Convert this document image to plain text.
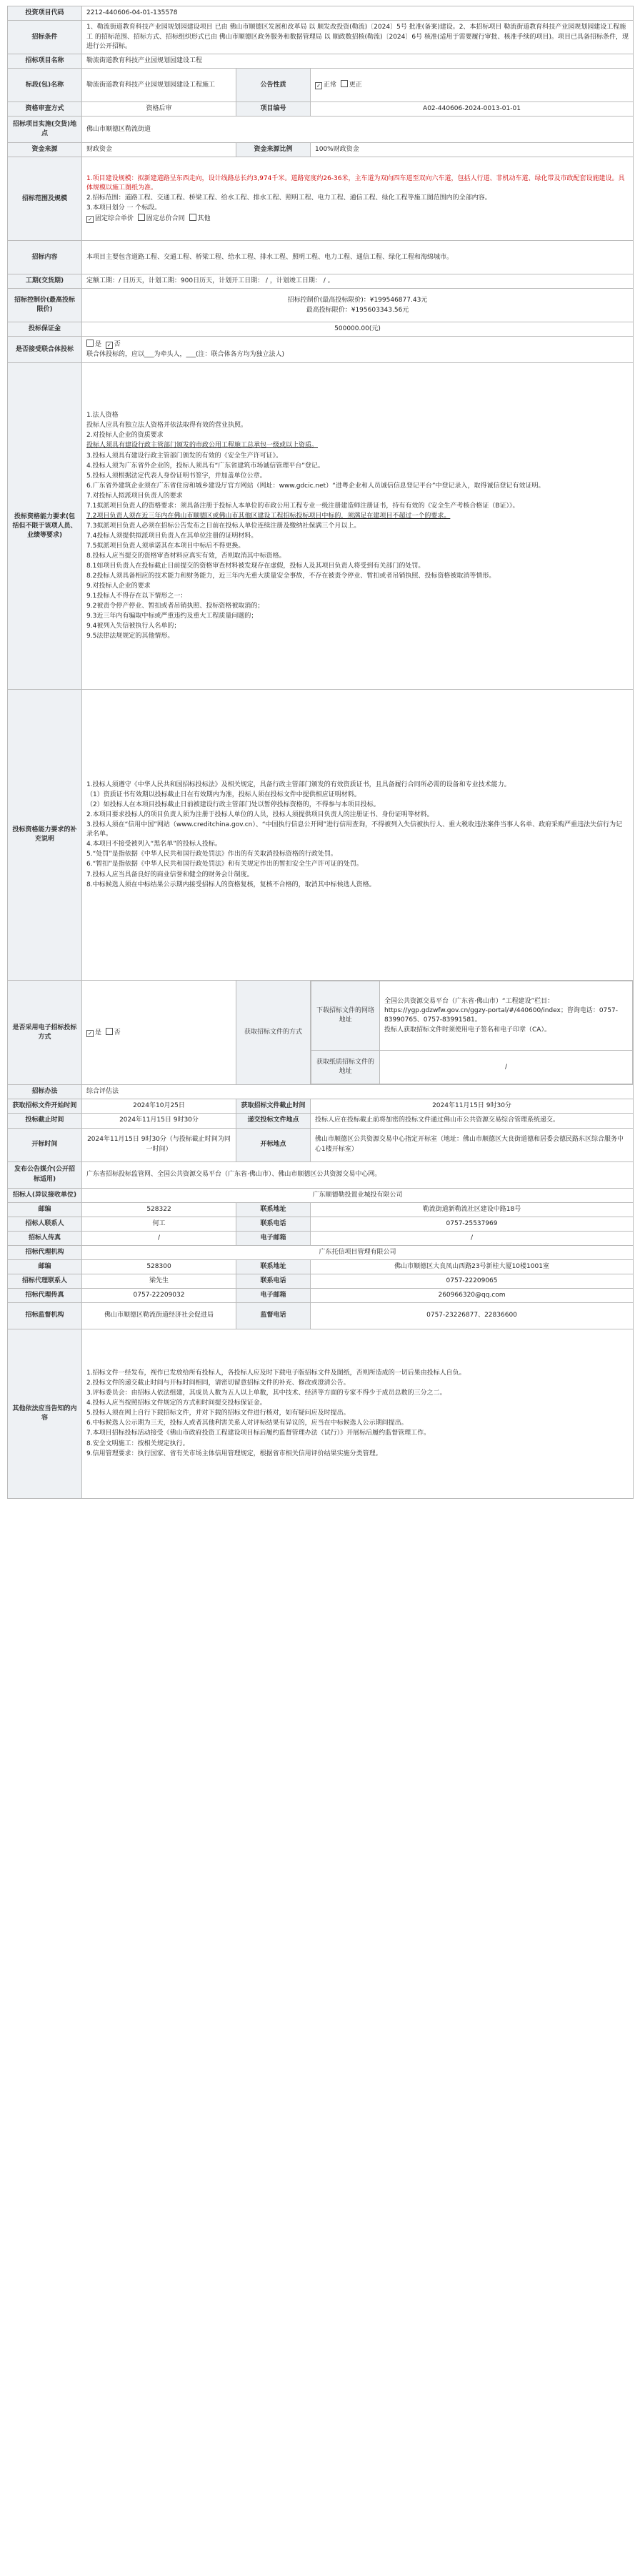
投资项目代码	2212-440606-04-01-135578
招标条件	1、勒流街道教育科技产业园规划园建设项目 已由 佛山市顺德区发展和改革局 以 顺发改投资(勒流)〔2024〕5号 批准(备案)建设。2、本招标项目 勒流街道教育科技产业园规划园建设工程施工 的招标范围、招标方式、招标组织形式已由 佛山市顺德区政务服务和数据管理局 以 顺政数招核(勒流)〔2024〕6号 核准(适用于需要履行审批、核准手续的项目)。项目已具备招标条件，现进行公开招标。
招标项目名称	勒流街道教育科技产业园规划园建设工程
标段(包)名称	勒流街道教育科技产业园规划园建设工程施工	公告性质	✓ 正常 更正
资格审查方式	资格后审	项目编号	A02-440606-2024-0013-01-01
招标项目实施(交货)地点	佛山市顺德区勒流街道
资金来源	财政资金	资金来源比例	100%财政资金
招标范围及规模	
1.项目建设规模：拟新建道路呈东西走向，设计线路总长约3,974千米。道路宽度约26-36米，主车道为双向四车道至双向六车道，包括人行道、非机动车道、绿化带及市政配套设施建设。具体规模以施工图纸为准。
2.招标范围：道路工程、交通工程、桥梁工程、给水工程、排水工程、照明工程、电力工程、通信工程、绿化工程等施工图范围内的全部内容。
3.本项目划分 一 个标段。
✓ 固定综合单价 固定总价合同 其他

招标内容	本项目主要包含道路工程、交通工程、桥梁工程、给水工程、排水工程、照明工程、电力工程、通信工程、绿化工程和海绵城市。
工期(交货期)	定额工期：/ 日历天，计划工期：900日历天，计划开工日期： / ，计划竣工日期： / 。
招标控制价(最高投标限价)	
招标控制价(最高投标限价)：¥199546877.43元
最高投标限价：¥195603343.56元

投标保证金	500000.00(元)
是否接受联合体投标	
是 ✓ 否
联合体投标的，应以___为牵头人，___(注：联合体各方均为独立法人)

投标资格能力要求(包括但不限于该项人员、业绩等要求)	
1.法人资格
投标人应具有独立法人资格并依法取得有效的营业执照。
2.对投标人企业的资质要求
投标人须具有建设行政主管部门颁发的市政公用工程施工总承包一级或以上资质。
3.投标人须具有建设行政主管部门颁发的有效的《安全生产许可证》。
4.投标人须为广东省外企业的，投标人须具有“广东省建筑市场诚信管理平台”登记。
5.投标人须根据法定代表人身份证明书签字，并加盖单位公章。
6.广东省外建筑企业须在广东省住房和城乡建设厅官方网站（网址：www.gdcic.net）“进粤企业和人员诚信信息登记平台”中登记录入，取得诚信登记有效证明。
7.对投标人拟派项目负责人的要求
7.1拟派项目负责人的资格要求：须具备注册于投标人本单位的市政公用工程专业一级注册建造师注册证书，持有有效的《安全生产考核合格证（B证）》。
7.2项目负责人须在近三年内在佛山市顺德区或佛山市其他区建设工程招标投标项目中标的，须满足在建项目不超过一个的要求。
7.3拟派项目负责人必须在招标公告发布之日前在投标人单位连续注册及缴纳社保满三个月以上。
7.4投标人须提供拟派项目负责人在其单位注册的证明材料。
7.5拟派项目负责人须承诺其在本项目中标后不得更换。
8.投标人应当提交的资格审查材料应真实有效，否则取消其中标资格。
8.1如项目负责人在投标截止日前提交的资格审查材料被发现存在虚假，投标人及其项目负责人将受到有关部门的处罚。
8.2投标人须具备相应的技术能力和财务能力，近三年内无重大质量安全事故，不存在被责令停业、暂扣或者吊销执照、投标资格被取消等情形。
9.对投标人企业的要求
9.1投标人不得存在以下情形之一：
9.2被责令停产停业、暂扣或者吊销执照、投标资格被取消的；
9.3近三年内有骗取中标或严重违约及重大工程质量问题的；
9.4被列入失信被执行人名单的；
9.5法律法规规定的其他情形。

投标资格能力要求的补充说明	
1.投标人须遵守《中华人民共和国招标投标法》及相关规定，具备行政主管部门颁发的有效资质证书，且具备履行合同所必需的设备和专业技术能力。
（1）资质证书有效期以投标截止日在有效期内为准，投标人须在投标文件中提供相应证明材料。
（2）如投标人在本项目投标截止日前被建设行政主管部门处以暂停投标资格的，不得参与本项目投标。
2.本项目要求投标人的项目负责人须为注册于投标人单位的人员，投标人须提供项目负责人的注册证书、身份证明等材料。
3.投标人须在“信用中国”网站（www.creditchina.gov.cn）、“中国执行信息公开网”进行信用查询，不得被列入失信被执行人、重大税收违法案件当事人名单、政府采购严重违法失信行为记录名单。
4.本项目不接受被列入“黑名单”的投标人投标。
5.“处罚”是指依据《中华人民共和国行政处罚法》作出的有关取消投标资格的行政处罚。
6.“暂扣”是指依据《中华人民共和国行政处罚法》和有关规定作出的暂扣安全生产许可证的处罚。
7.投标人应当具备良好的商业信誉和健全的财务会计制度。
8.中标候选人须在中标结果公示期内接受招标人的资格复核，复核不合格的，取消其中标候选人资格。

是否采用电子招标投标方式	✓ 是 否	获取招标文件的方式	
下载招标文件的网络地址	
全国公共资源交易平台（广东省·佛山市）“工程建设”栏目：https://ygp.gdzwfw.gov.cn/ggzy-portal/#/440600/index；咨询电话：0757-83990765、0757-83991581。
投标人获取招标文件时须使用电子签名和电子印章（CA）。

获取纸质招标文件的地址	/

招标办法	综合评估法
获取招标文件开始时间	2024年10月25日	获取招标文件截止时间	2024年11月15日 9时30分
投标截止时间	2024年11月15日 9时30分	递交投标文件地点	投标人应在投标截止前将加密的投标文件通过佛山市公共资源交易综合管理系统递交。
开标时间	2024年11月15日 9时30分（与投标截止时间为同一时间）	开标地点	佛山市顺德区公共资源交易中心指定开标室（地址：佛山市顺德区大良街道德和居委会德民路东区综合服务中心1楼开标室）
发布公告媒介(公开招标适用)	广东省招标投标监管网、全国公共资源交易平台（广东省·佛山市）、佛山市顺德区公共资源交易中心网。
招标人(异议接收单位)	广东顺德勒投置业城投有限公司
邮编	528322	联系地址	勒流街道新勒流社区建设中路18号
招标人联系人	何工	联系电话	0757-25537969
招标人传真	/	电子邮箱	/
招标代理机构	广东托信项目管理有限公司
邮编	528300	联系地址	佛山市顺德区大良凤山西路23号新桂大厦10楼1001室
招标代理联系人	梁先生	联系电话	0757-22209065
招标代理传真	0757-22209032	电子邮箱	260966320@qq.com
招标监督机构	佛山市顺德区勒流街道经济社会促进局	监督电话	0757-23226877、22836600
其他依法应当告知的内容	
1.招标文件一经发布，视作已发放给所有投标人，各投标人应及时下载电子版招标文件及图纸，否则所造成的一切后果由投标人自负。
2.投标文件的递交截止时间与开标时间相同，请密切留意招标文件的补充、修改或澄清公告。
3.评标委员会：由招标人依法组建，其成员人数为五人以上单数，其中技术、经济等方面的专家不得少于成员总数的三分之二。
4.投标人应当按照招标文件规定的方式和时间提交投标保证金。
5.投标人须在网上自行下载招标文件，并对下载的招标文件进行核对，如有疑问应及时提出。
6.中标候选人公示期为三天，投标人或者其他利害关系人对评标结果有异议的，应当在中标候选人公示期间提出。
7.本项目招标投标活动接受《佛山市政府投资工程建设项目标后履约监督管理办法（试行）》开展标后履约监督管理工作。
8.安全文明施工：按相关规定执行。
9.信用管理要求：执行国家、省有关市场主体信用管理规定，根据省市相关信用评价结果实施分类管理。
